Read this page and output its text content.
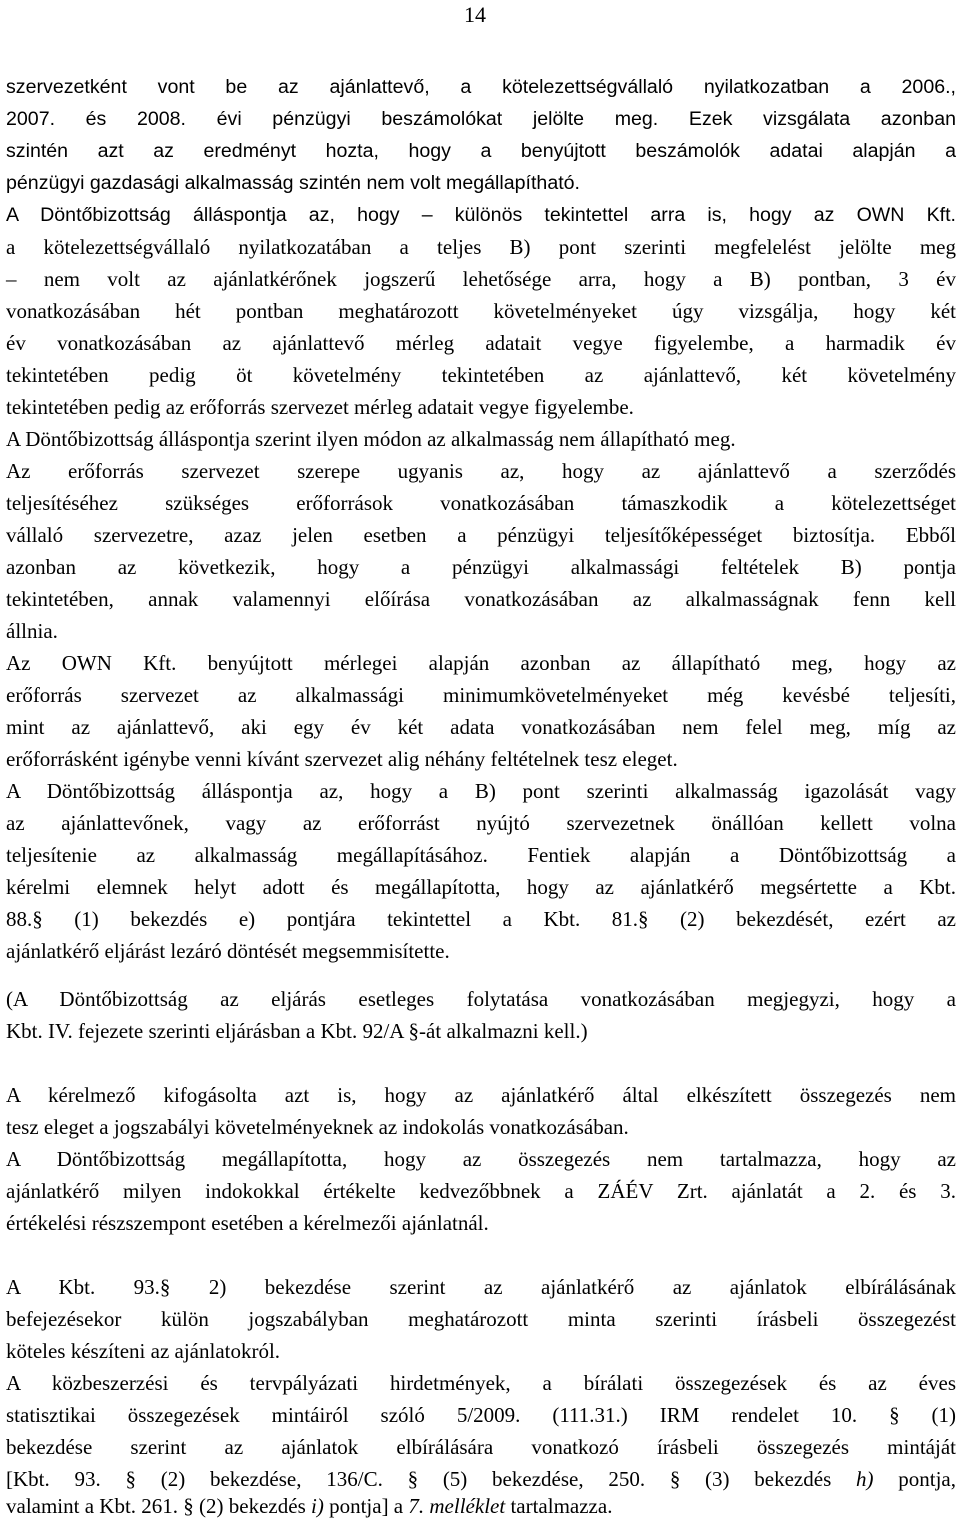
14
szervezetként vont be az ajánlattevő, a kötelezettségvállaló nyilatkozatban a 2006.,
2007. és 2008. évi pénzügyi beszámolókat jelölte meg. Ezek vizsgálata azonban
szintén azt az eredményt hozta, hogy a benyújtott beszámolók adatai alapján a
pénzügyi gazdasági alkalmasság szintén nem volt megállapítható.
A Döntőbizottság álláspontja az, hogy – különös tekintettel arra is, hogy az OWN Kft.
a kötelezettségvállaló nyilatkozatában a teljes B) pont szerinti megfelelést jelölte meg
– nem volt az ajánlatkérőnek jogszerű lehetősége arra, hogy a B) pontban, 3 év
vonatkozásában hét pontban meghatározott követelményeket úgy vizsgálja, hogy két
év vonatkozásában az ajánlattevő mérleg adatait vegye figyelembe, a harmadik év
tekintetében pedig öt követelmény tekintetében az ajánlattevő, két követelmény
tekintetében pedig az erőforrás szervezet mérleg adatait vegye figyelembe.
A Döntőbizottság álláspontja szerint ilyen módon az alkalmasság nem állapítható meg.
Az erőforrás szervezet szerepe ugyanis az, hogy az ajánlattevő a szerződés
teljesítéséhez szükséges erőforrások vonatkozásában támaszkodik a kötelezettséget
vállaló szervezetre, azaz jelen esetben a pénzügyi teljesítőképességet biztosítja. Ebből
azonban az következik, hogy a pénzügyi alkalmassági feltételek B) pontja
tekintetében, annak valamennyi előírása vonatkozásában az alkalmasságnak fenn kell
állnia.
Az OWN Kft. benyújtott mérlegei alapján azonban az állapítható meg, hogy az
erőforrás szervezet az alkalmassági minimumkövetelményeket még kevésbé teljesíti,
mint az ajánlattevő, aki egy év két adata vonatkozásában nem felel meg, míg az
erőforrásként igénybe venni kívánt szervezet alig néhány feltételnek tesz eleget.
A Döntőbizottság álláspontja az, hogy a B) pont szerinti alkalmasság igazolását vagy
az ajánlattevőnek, vagy az erőforrást nyújtó szervezetnek önállóan kellett volna
teljesítenie az alkalmasság megállapításához. Fentiek alapján a Döntőbizottság a
kérelmi elemnek helyt adott és megállapította, hogy az ajánlatkérő megsértette a Kbt.
88.§ (1) bekezdés e) pontjára tekintettel a Kbt. 81.§ (2) bekezdését, ezért az
ajánlatkérő eljárást lezáró döntését megsemmisítette.
(A Döntőbizottság az eljárás esetleges folytatása vonatkozásában megjegyzi, hogy a
Kbt. IV. fejezete szerinti eljárásban a Kbt. 92/A §-át alkalmazni kell.)
A kérelmező kifogásolta azt is, hogy az ajánlatkérő által elkészített összegezés nem
tesz eleget a jogszabályi követelményeknek az indokolás vonatkozásában.
A Döntőbizottság megállapította, hogy az összegezés nem tartalmazza, hogy az
ajánlatkérő milyen indokokkal értékelte kedvezőbbnek a ZÁÉV Zrt. ajánlatát a 2. és 3.
értékelési részszempont esetében a kérelmezői ajánlatnál.
A Kbt. 93.§ 2) bekezdése szerint az ajánlatkérő az ajánlatok elbírálásának
befejezésekor külön jogszabályban meghatározott minta szerinti írásbeli összegezést
köteles készíteni az ajánlatokról.
A közbeszerzési és tervpályázati hirdetmények, a bírálati összegezések és az éves
statisztikai összegezések mintáiról szóló 5/2009. (111.31.) IRM rendelet 10. § (1)
bekezdése szerint az ajánlatok elbírálására vonatkozó írásbeli összegezés mintáját
[Kbt. 93. § (2) bekezdése, 136/C. § (5) bekezdése, 250. § (3) bekezdés h) pontja,
valamint a Kbt. 261. § (2) bekezdés i) pontja] a 7. melléklet tartalmazza.
